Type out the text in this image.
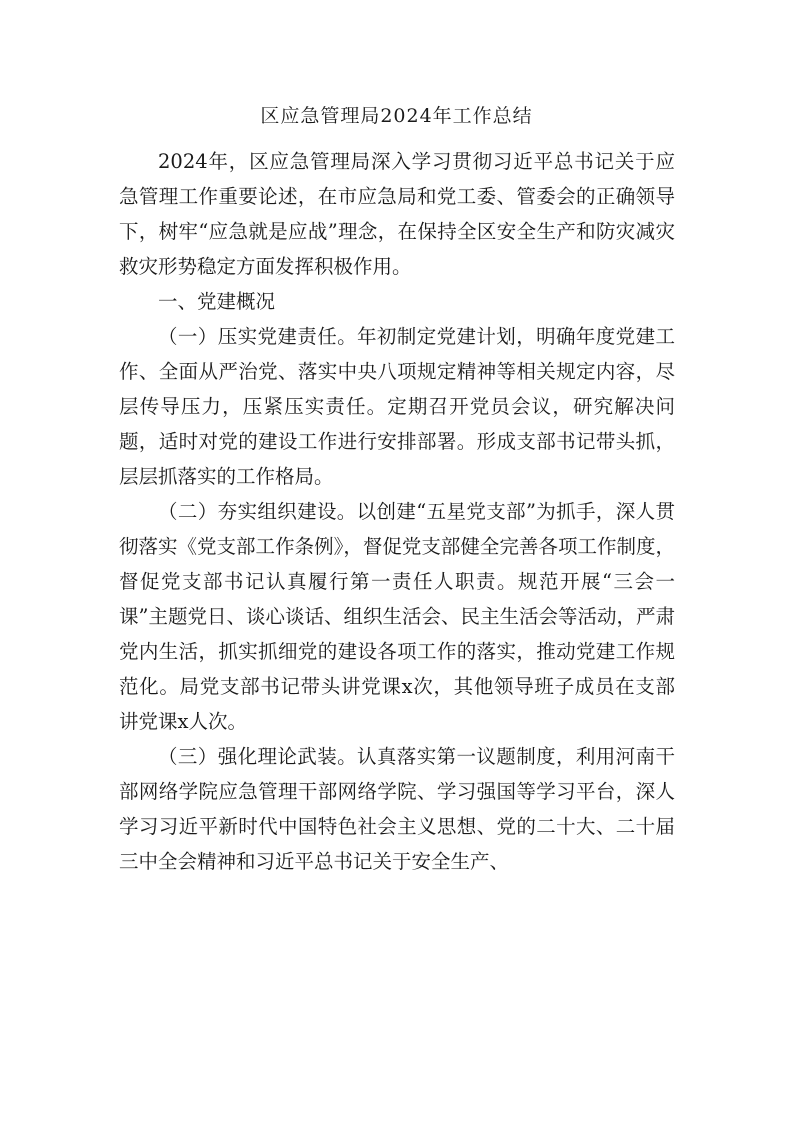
区应急管理局2024年工作总结

2024年，区应急管理局深入学习贯彻习近平总书记关于应急管理工作重要论述，在市应急局和党工委、管委会的正确领导下，树牢“应急就是应战”理念，在保持全区安全生产和防灾减灾救灾形势稳定方面发挥积极作用。

一、党建概况

（一）压实党建责任。年初制定党建计划，明确年度党建工作、全面从严治党、落实中央八项规定精神等相关规定内容，尽层传导压力，压紧压实责任。定期召开党员会议，研究解决问题，适时对党的建设工作进行安排部署。形成支部书记带头抓，层层抓落实的工作格局。

（二）夯实组织建设。以创建“五星党支部”为抓手，深人贯彻落实《党支部工作条例》，督促党支部健全完善各项工作制度，督促党支部书记认真履行第一责任人职责。规范开展“三会一课”主题党日、谈心谈话、组织生活会、民主生活会等活动，严肃党内生活，抓实抓细党的建设各项工作的落实，推动党建工作规范化。局党支部书记带头讲党课x次，其他领导班子成员在支部讲党课x人次。

（三）强化理论武装。认真落实第一议题制度，利用河南干部网络学院应急管理干部网络学院、学习强国等学习平台，深人学习习近平新时代中国特色社会主义思想、党的二十大、二十届三中全会精神和习近平总书记关于安全生产、
